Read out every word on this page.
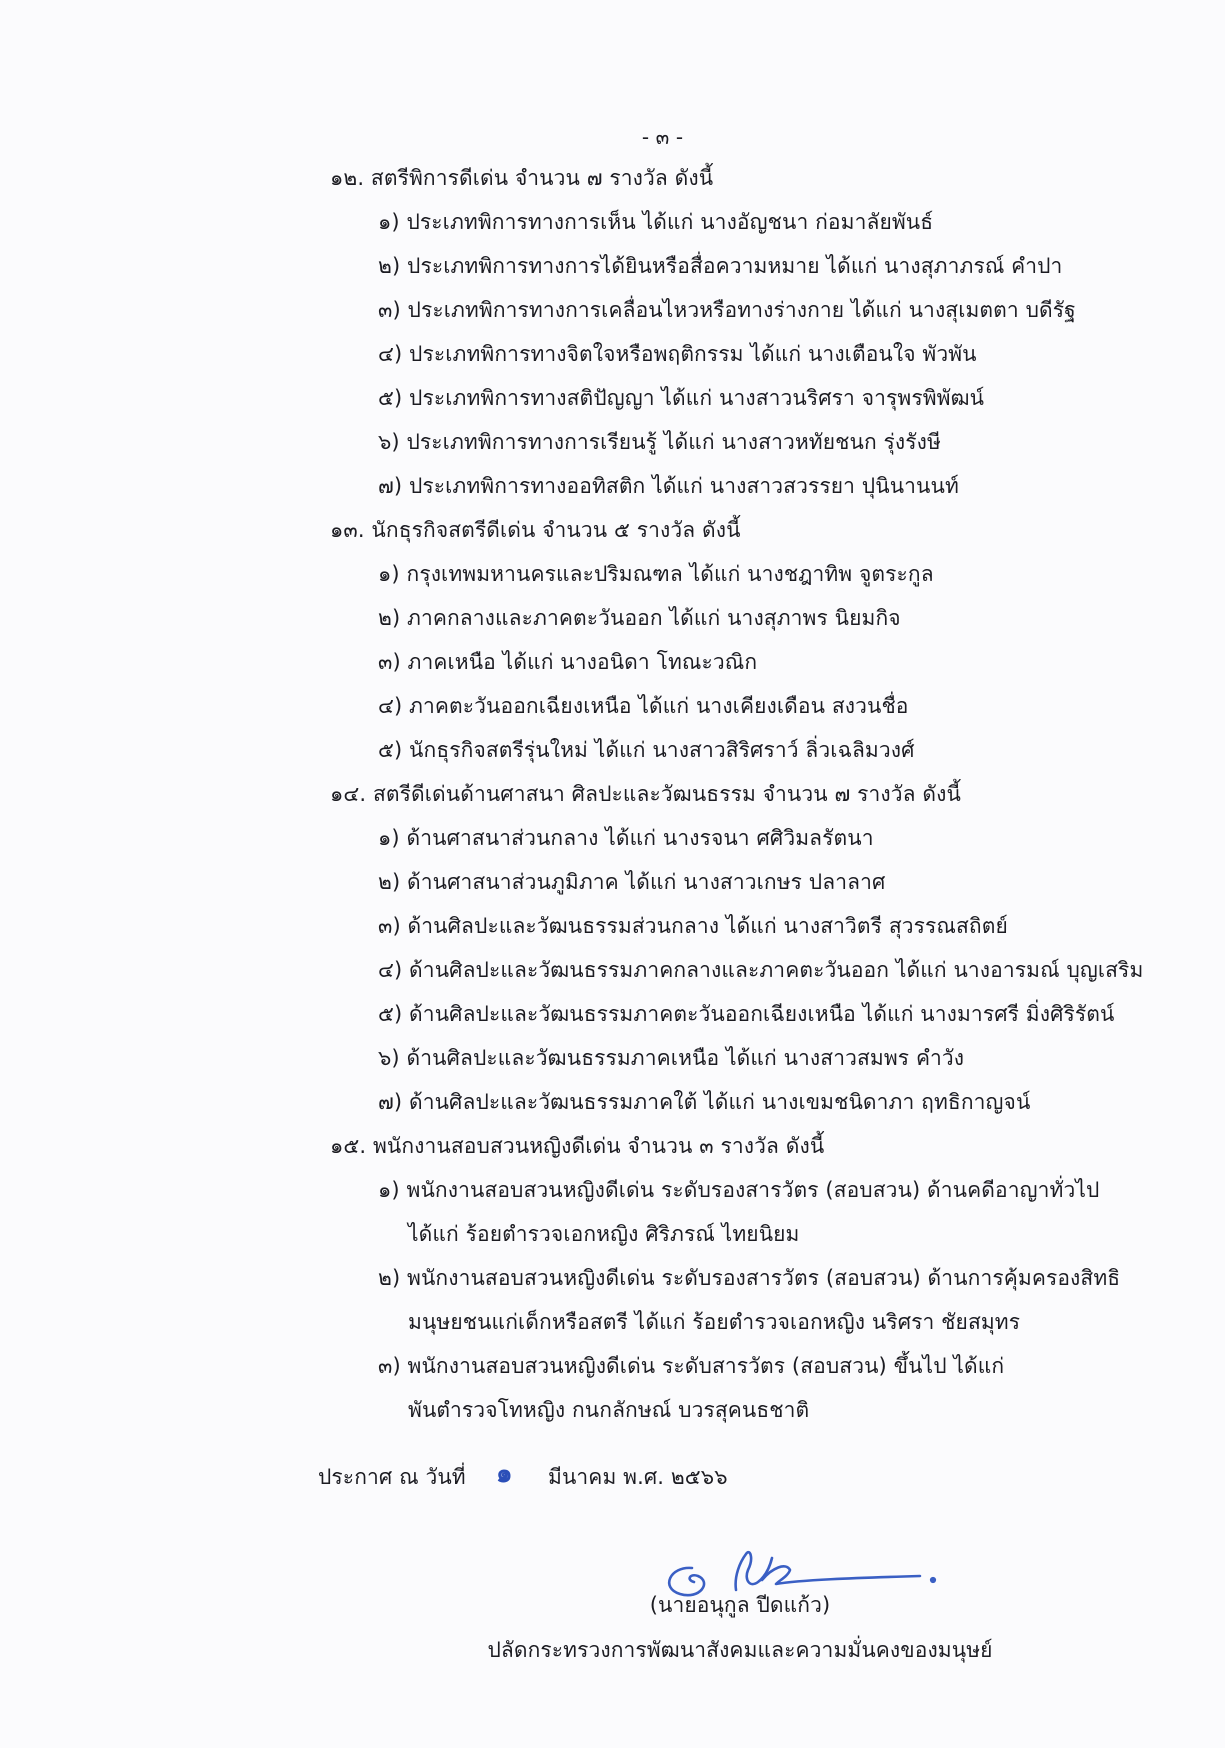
- ๓ -
๑๒. สตรีพิการดีเด่น จำนวน ๗ รางวัล ดังนี้
๑) ประเภทพิการทางการเห็น ได้แก่ นางอัญชนา ก่อมาลัยพันธ์
๒) ประเภทพิการทางการได้ยินหรือสื่อความหมาย ได้แก่ นางสุภาภรณ์ คำปา
๓) ประเภทพิการทางการเคลื่อนไหวหรือทางร่างกาย ได้แก่ นางสุเมตตา บดีรัฐ
๔) ประเภทพิการทางจิตใจหรือพฤติกรรม ได้แก่ นางเตือนใจ พัวพัน
๕) ประเภทพิการทางสติปัญญา ได้แก่ นางสาวนริศรา จารุพรพิพัฒน์
๖) ประเภทพิการทางการเรียนรู้ ได้แก่ นางสาวหทัยชนก รุ่งรังษี
๗) ประเภทพิการทางออทิสติก ได้แก่ นางสาวสวรรยา ปุนินานนท์
๑๓. นักธุรกิจสตรีดีเด่น จำนวน ๕ รางวัล ดังนี้
๑) กรุงเทพมหานครและปริมณฑล ได้แก่ นางชฎาทิพ จูตระกูล
๒) ภาคกลางและภาคตะวันออก ได้แก่ นางสุภาพร นิยมกิจ
๓) ภาคเหนือ ได้แก่ นางอนิดา โทณะวณิก
๔) ภาคตะวันออกเฉียงเหนือ ได้แก่ นางเคียงเดือน สงวนชื่อ
๕) นักธุรกิจสตรีรุ่นใหม่ ได้แก่ นางสาวสิริศราว์ ลิ่วเฉลิมวงศ์
๑๔. สตรีดีเด่นด้านศาสนา ศิลปะและวัฒนธรรม จำนวน ๗ รางวัล ดังนี้
๑) ด้านศาสนาส่วนกลาง ได้แก่ นางรจนา ศศิวิมลรัตนา
๒) ด้านศาสนาส่วนภูมิภาค ได้แก่ นางสาวเกษร ปลาลาศ
๓) ด้านศิลปะและวัฒนธรรมส่วนกลาง ได้แก่ นางสาวิตรี สุวรรณสถิตย์
๔) ด้านศิลปะและวัฒนธรรมภาคกลางและภาคตะวันออก ได้แก่ นางอารมณ์ บุญเสริม
๕) ด้านศิลปะและวัฒนธรรมภาคตะวันออกเฉียงเหนือ ได้แก่ นางมารศรี มิ่งศิริรัตน์
๖) ด้านศิลปะและวัฒนธรรมภาคเหนือ ได้แก่ นางสาวสมพร คำวัง
๗) ด้านศิลปะและวัฒนธรรมภาคใต้ ได้แก่ นางเขมชนิดาภา ฤทธิกาญจน์
๑๕. พนักงานสอบสวนหญิงดีเด่น จำนวน ๓ รางวัล ดังนี้
๑) พนักงานสอบสวนหญิงดีเด่น ระดับรองสารวัตร (สอบสวน) ด้านคดีอาญาทั่วไป
ได้แก่ ร้อยตำรวจเอกหญิง ศิริภรณ์ ไทยนิยม
๒) พนักงานสอบสวนหญิงดีเด่น ระดับรองสารวัตร (สอบสวน) ด้านการคุ้มครองสิทธิ
มนุษยชนแก่เด็กหรือสตรี ได้แก่ ร้อยตำรวจเอกหญิง นริศรา ชัยสมุทร
๓) พนักงานสอบสวนหญิงดีเด่น ระดับสารวัตร (สอบสวน) ขึ้นไป ได้แก่
พันตำรวจโทหญิง กนกลักษณ์ บวรสุคนธชาติ
ประกาศ ณ วันที่ ๑ มีนาคม พ.ศ. ๒๕๖๖
(นายอนุกูล ปีดแก้ว)
ปลัดกระทรวงการพัฒนาสังคมและความมั่นคงของมนุษย์
